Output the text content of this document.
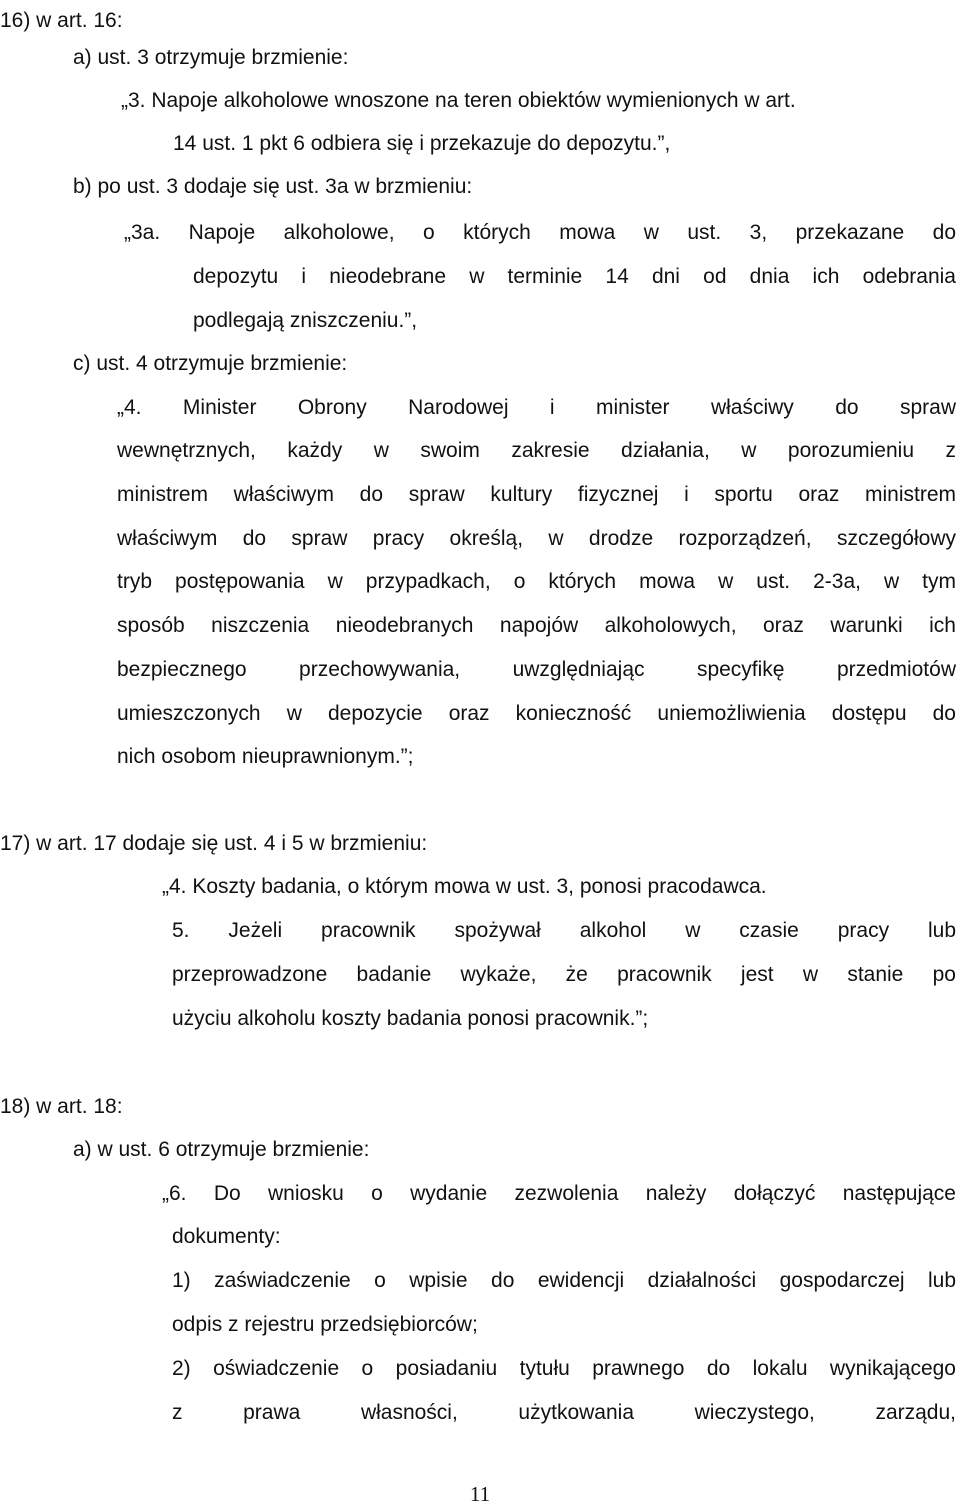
16) w art. 16:
a) ust. 3 otrzymuje brzmienie:
„3. Napoje alkoholowe wnoszone na teren obiektów wymienionych w art.
14 ust. 1 pkt 6 odbiera się i przekazuje do depozytu.”,
b) po ust. 3 dodaje się ust. 3a w brzmieniu:
„3a. Napoje alkoholowe, o których mowa w ust. 3, przekazane do
depozytu i nieodebrane w terminie 14 dni od dnia ich odebrania
podlegają zniszczeniu.”,
c) ust. 4 otrzymuje brzmienie:
„4. Minister Obrony Narodowej i minister właściwy do spraw
wewnętrznych, każdy w swoim zakresie działania, w porozumieniu z
ministrem właściwym do spraw kultury fizycznej i sportu oraz ministrem
właściwym do spraw pracy określą, w drodze rozporządzeń, szczegółowy
tryb postępowania w przypadkach, o których mowa w ust. 2-3a, w tym
sposób niszczenia nieodebranych napojów alkoholowych, oraz warunki ich
bezpiecznego przechowywania, uwzględniając specyfikę przedmiotów
umieszczonych w depozycie oraz konieczność uniemożliwienia dostępu do
nich osobom nieuprawnionym.”;
17) w art. 17 dodaje się ust. 4 i 5 w brzmieniu:
„4. Koszty badania, o którym mowa w ust. 3, ponosi pracodawca.
5. Jeżeli pracownik spożywał alkohol w czasie pracy lub
przeprowadzone badanie wykaże, że pracownik jest w stanie po
użyciu alkoholu koszty badania ponosi pracownik.”;
18) w art. 18:
a) w ust. 6 otrzymuje brzmienie:
„6. Do wniosku o wydanie zezwolenia należy dołączyć następujące
dokumenty:
1) zaświadczenie o wpisie do ewidencji działalności gospodarczej lub
odpis z rejestru przedsiębiorców;
2) oświadczenie o posiadaniu tytułu prawnego do lokalu wynikającego
z prawa własności, użytkowania wieczystego, zarządu,
11
